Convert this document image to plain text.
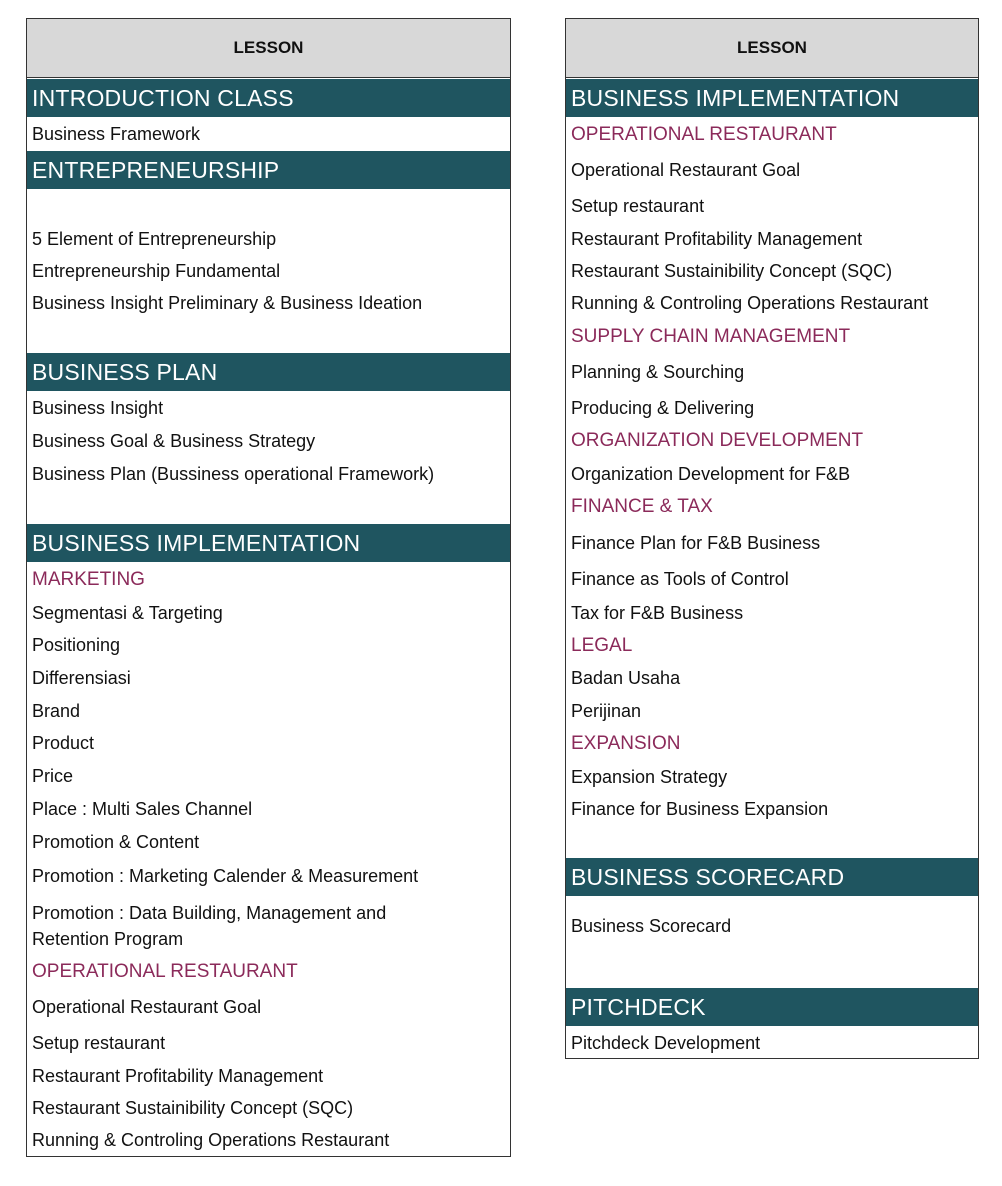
LESSON
INTRODUCTION CLASS
Business Framework
ENTREPRENEURSHIP
5 Element of Entrepreneurship
Entrepreneurship Fundamental
Business Insight Preliminary & Business Ideation
BUSINESS PLAN
Business Insight
Business Goal & Business Strategy
Business Plan (Bussiness operational Framework)
BUSINESS IMPLEMENTATION
MARKETING
Segmentasi & Targeting
Positioning
Differensiasi
Brand
Product
Price
Place : Multi Sales Channel
Promotion & Content
Promotion : Marketing Calender & Measurement
Promotion : Data Building, Management and Retention Program
OPERATIONAL RESTAURANT
Operational Restaurant Goal
Setup restaurant
Restaurant Profitability Management
Restaurant Sustainibility Concept (SQC)
Running & Controling Operations Restaurant
LESSON
BUSINESS IMPLEMENTATION
OPERATIONAL RESTAURANT
Operational Restaurant Goal
Setup restaurant
Restaurant Profitability Management
Restaurant Sustainibility Concept (SQC)
Running & Controling Operations Restaurant
SUPPLY CHAIN MANAGEMENT
Planning & Sourching
Producing & Delivering
ORGANIZATION DEVELOPMENT
Organization Development for F&B
FINANCE & TAX
Finance Plan for F&B Business
Finance as Tools of Control
Tax for F&B Business
LEGAL
Badan Usaha
Perijinan
EXPANSION
Expansion Strategy
Finance for Business Expansion
BUSINESS SCORECARD
Business Scorecard
PITCHDECK
Pitchdeck Development
